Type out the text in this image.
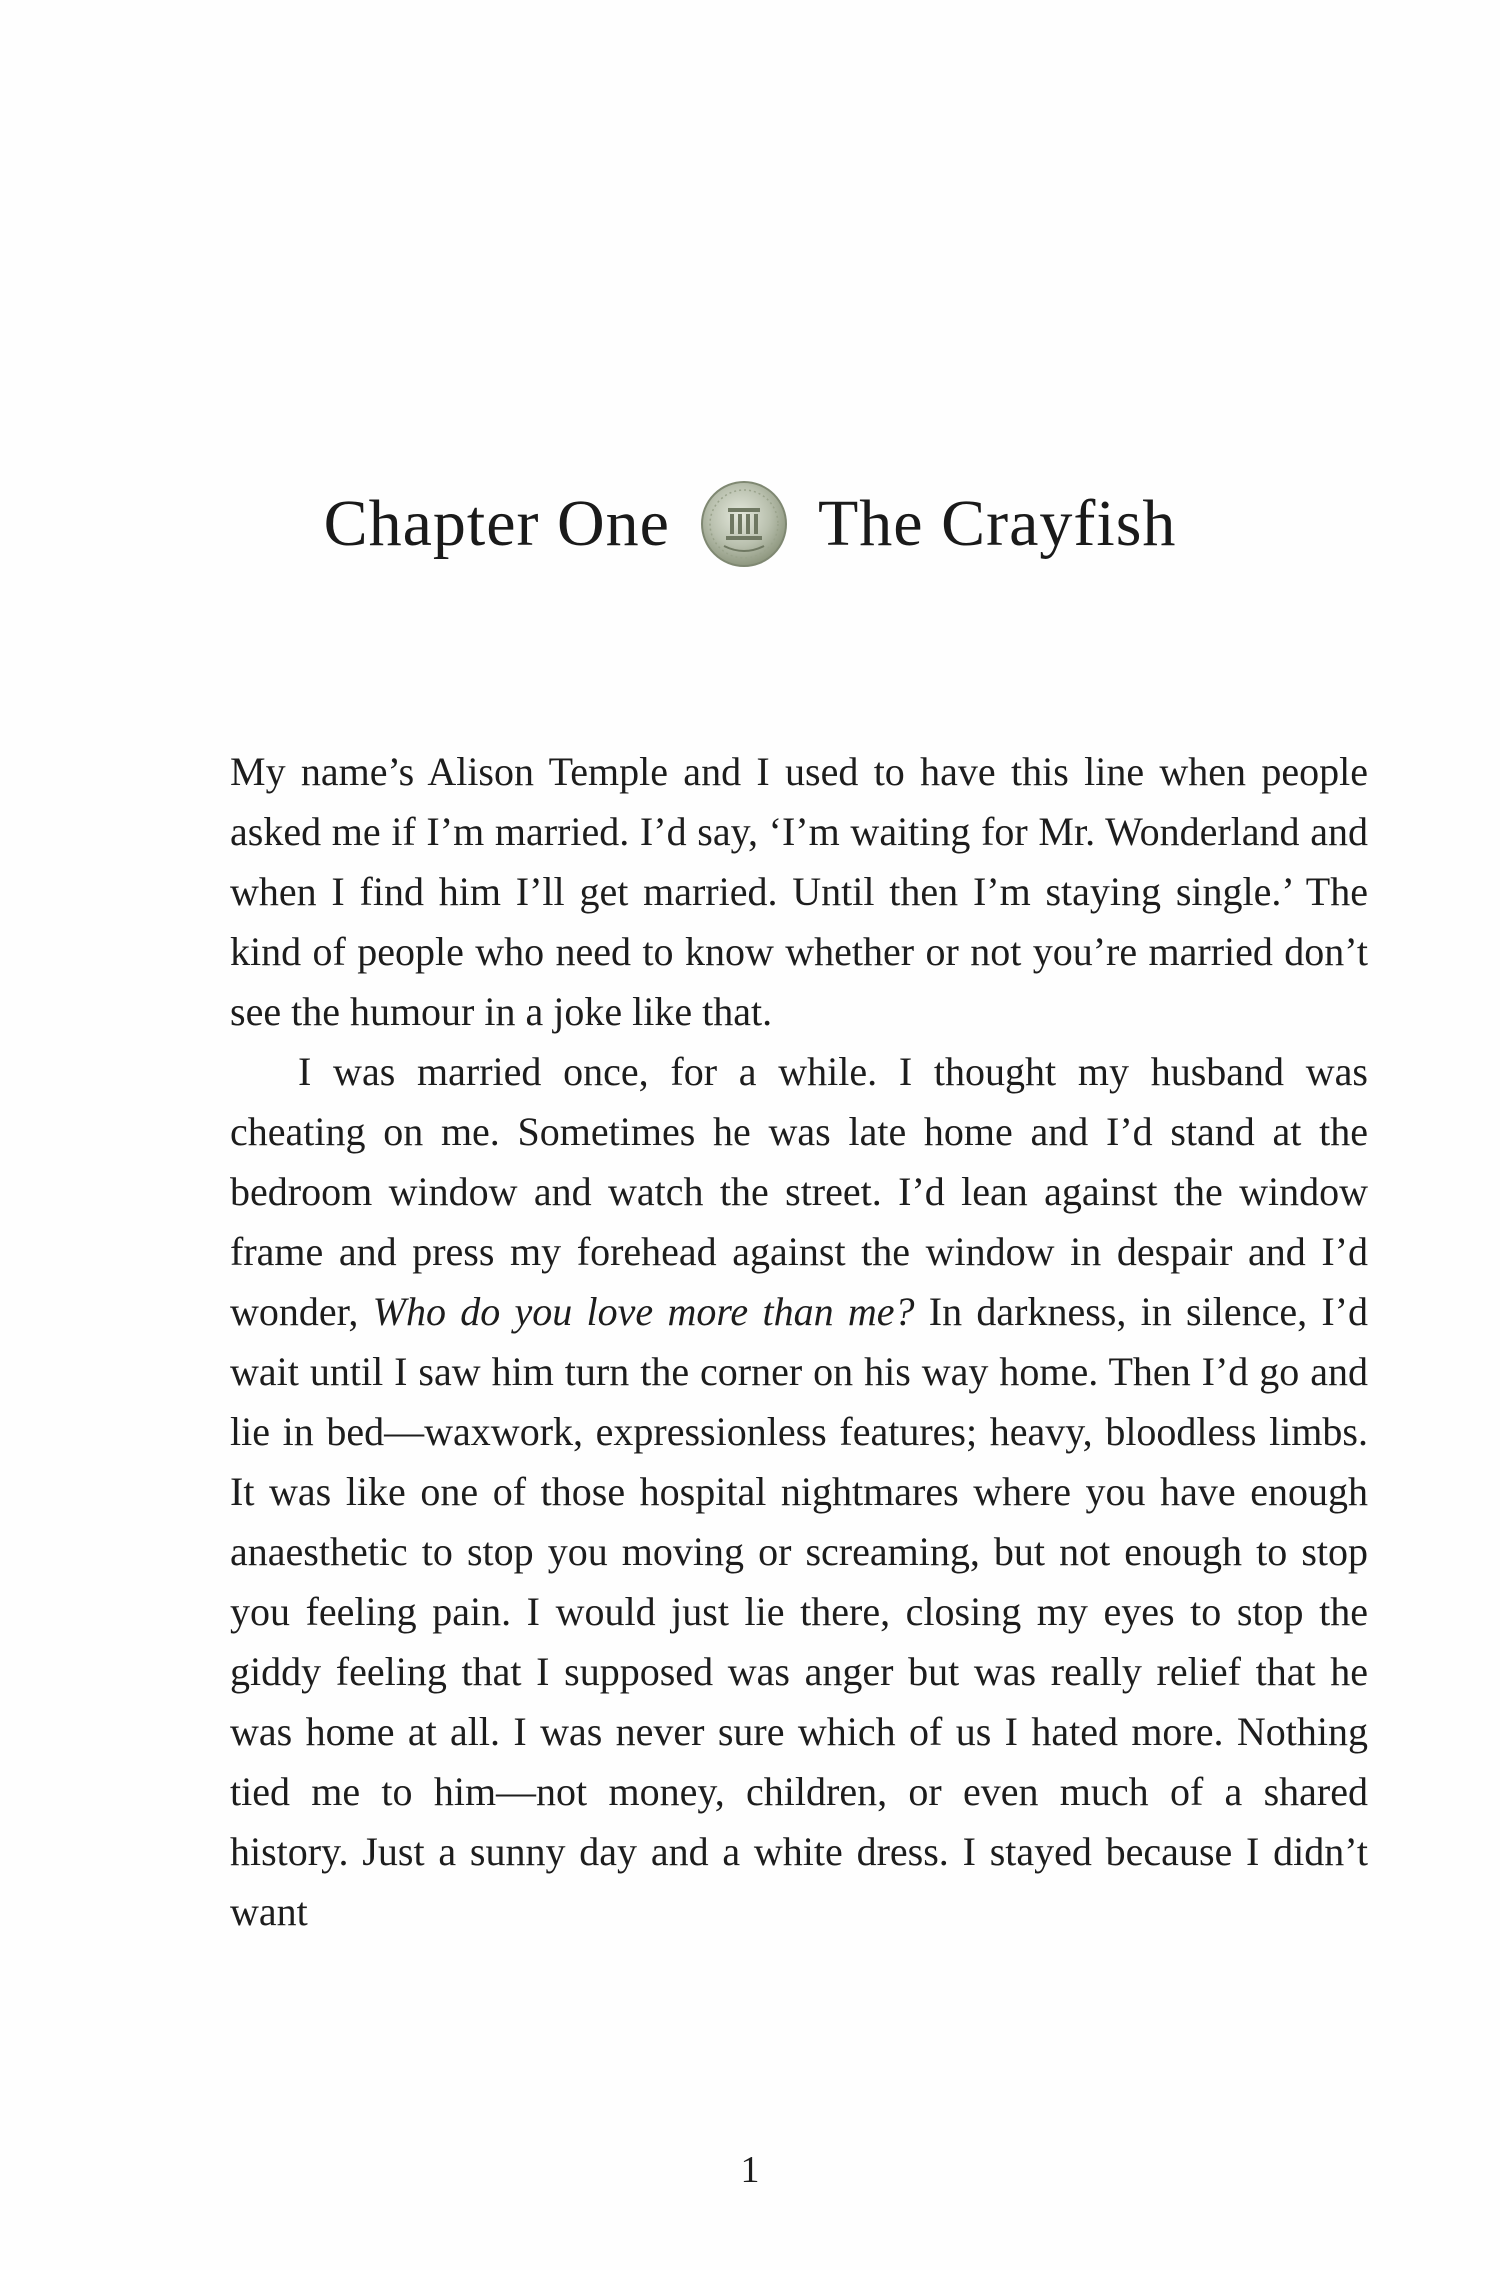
Chapter One The Crayfish

My name’s Alison Temple and I used to have this line when people asked me if I’m married. I’d say, ‘I’m waiting for Mr. Wonderland and when I find him I’ll get married. Until then I’m staying single.’ The kind of people who need to know whether or not you’re married don’t see the humour in a joke like that.

I was married once, for a while. I thought my husband was cheating on me. Sometimes he was late home and I’d stand at the bedroom window and watch the street. I’d lean against the window frame and press my forehead against the window in despair and I’d wonder, Who do you love more than me? In darkness, in silence, I’d wait until I saw him turn the corner on his way home. Then I’d go and lie in bed—waxwork, expressionless features; heavy, bloodless limbs. It was like one of those hospital nightmares where you have enough anaesthetic to stop you moving or screaming, but not enough to stop you feeling pain. I would just lie there, closing my eyes to stop the giddy feeling that I supposed was anger but was really relief that he was home at all. I was never sure which of us I hated more. Nothing tied me to him—not money, children, or even much of a shared history. Just a sunny day and a white dress. I stayed because I didn’t want

1
